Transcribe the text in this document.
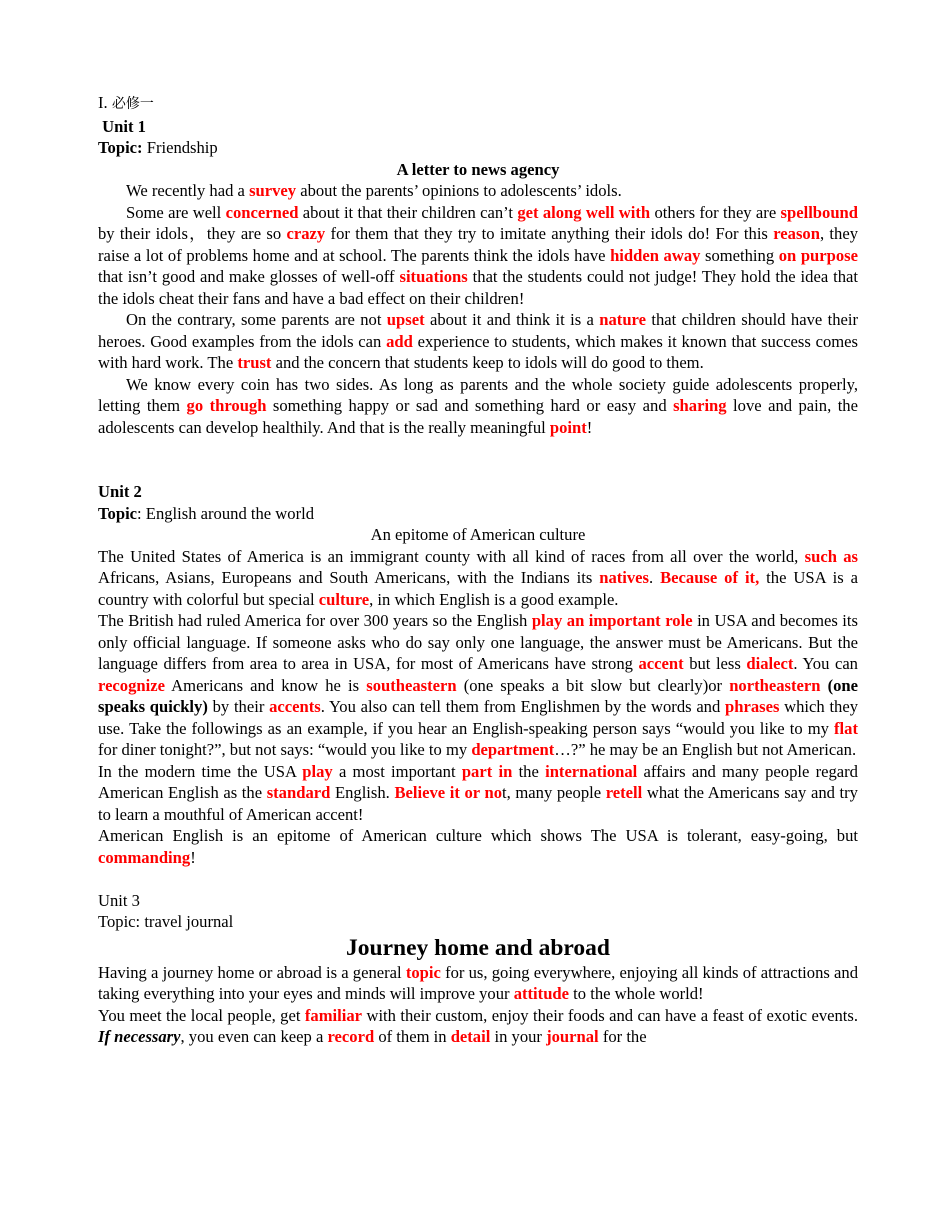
I. 必修一
Unit 1
Topic: Friendship
A letter to news agency

We recently had a survey about the parents’ opinions to adolescents’ idols.

Some are well concerned about it that their children can’t get along well with others for they are spellbound by their idols，they are so crazy for them that they try to imitate anything their idols do! For this reason, they raise a lot of problems home and at school. The parents think the idols have hidden away something on purpose that isn’t good and make glosses of well-off situations that the students could not judge! They hold the idea that the idols cheat their fans and have a bad effect on their children!

On the contrary, some parents are not upset about it and think it is a nature that children should have their heroes. Good examples from the idols can add experience to students, which makes it known that success comes with hard work. The trust and the concern that students keep to idols will do good to them.

We know every coin has two sides. As long as parents and the whole society guide adolescents properly, letting them go through something happy or sad and something hard or easy and sharing love and pain, the adolescents can develop healthily. And that is the really meaningful point!

Unit 2
Topic: English around the world
An epitome of American culture

The United States of America is an immigrant county with all kind of races from all over the world, such as Africans, Asians, Europeans and South Americans, with the Indians its natives. Because of it, the USA is a country with colorful but special culture, in which English is a good example.

The British had ruled America for over 300 years so the English play an important role in USA and becomes its only official language. If someone asks who do say only one language, the answer must be Americans. But the language differs from area to area in USA, for most of Americans have strong accent but less dialect. You can recognize Americans and know he is southeastern (one speaks a bit slow but clearly)or northeastern (one speaks quickly) by their accents. You also can tell them from Englishmen by the words and phrases which they use. Take the followings as an example, if you hear an English-speaking person says “would you like to my flat for diner tonight?”, but not says: “would you like to my department…?” he may be an English but not American.

In the modern time the USA play a most important part in the international affairs and many people regard American English as the standard English. Believe it or not, many people retell what the Americans say and try to learn a mouthful of American accent!

American English is an epitome of American culture which shows The USA is tolerant, easy-going, but commanding!

Unit 3
Topic: travel journal
Journey home and abroad

Having a journey home or abroad is a general topic for us, going everywhere, enjoying all kinds of attractions and taking everything into your eyes and minds will improve your attitude to the whole world!

You meet the local people, get familiar with their custom, enjoy their foods and can have a feast of exotic events. If necessary, you even can keep a record of them in detail in your journal for the
